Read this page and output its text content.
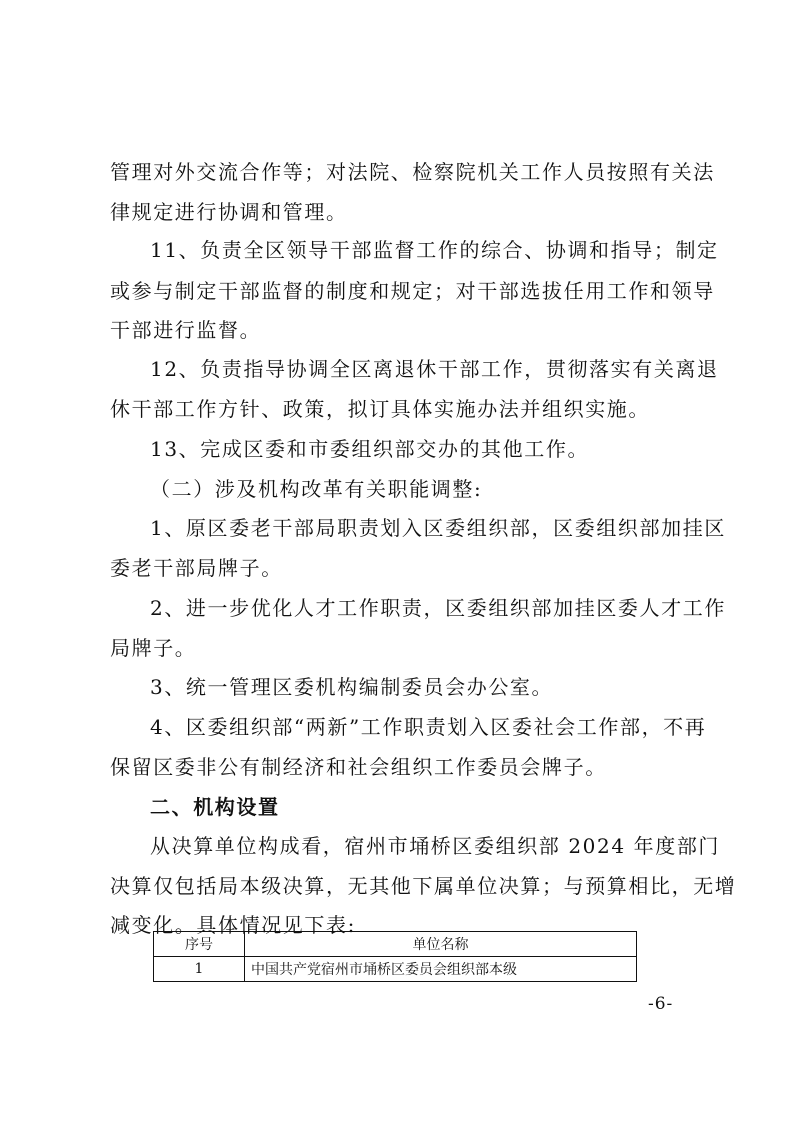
管理对外交流合作等；对法院、检察院机关工作人员按照有关法
律规定进行协调和管理。
11、负责全区领导干部监督工作的综合、协调和指导；制定
或参与制定干部监督的制度和规定；对干部选拔任用工作和领导
干部进行监督。
12、负责指导协调全区离退休干部工作，贯彻落实有关离退
休干部工作方针、政策，拟订具体实施办法并组织实施。
13、完成区委和市委组织部交办的其他工作。
（二）涉及机构改革有关职能调整:
1、原区委老干部局职责划入区委组织部，区委组织部加挂区
委老干部局牌子。
2、进一步优化人才工作职责，区委组织部加挂区委人才工作
局牌子。
3、统一管理区委机构编制委员会办公室。
4、区委组织部“两新”工作职责划入区委社会工作部，不再
保留区委非公有制经济和社会组织工作委员会牌子。
二、机构设置
从决算单位构成看，宿州市埇桥区委组织部 2024 年度部门
决算仅包括局本级决算，无其他下属单位决算；与预算相比，无增
减变化。具体情况见下表:
序号	单位名称
1	中国共产党宿州市埇桥区委员会组织部本级
-6-
